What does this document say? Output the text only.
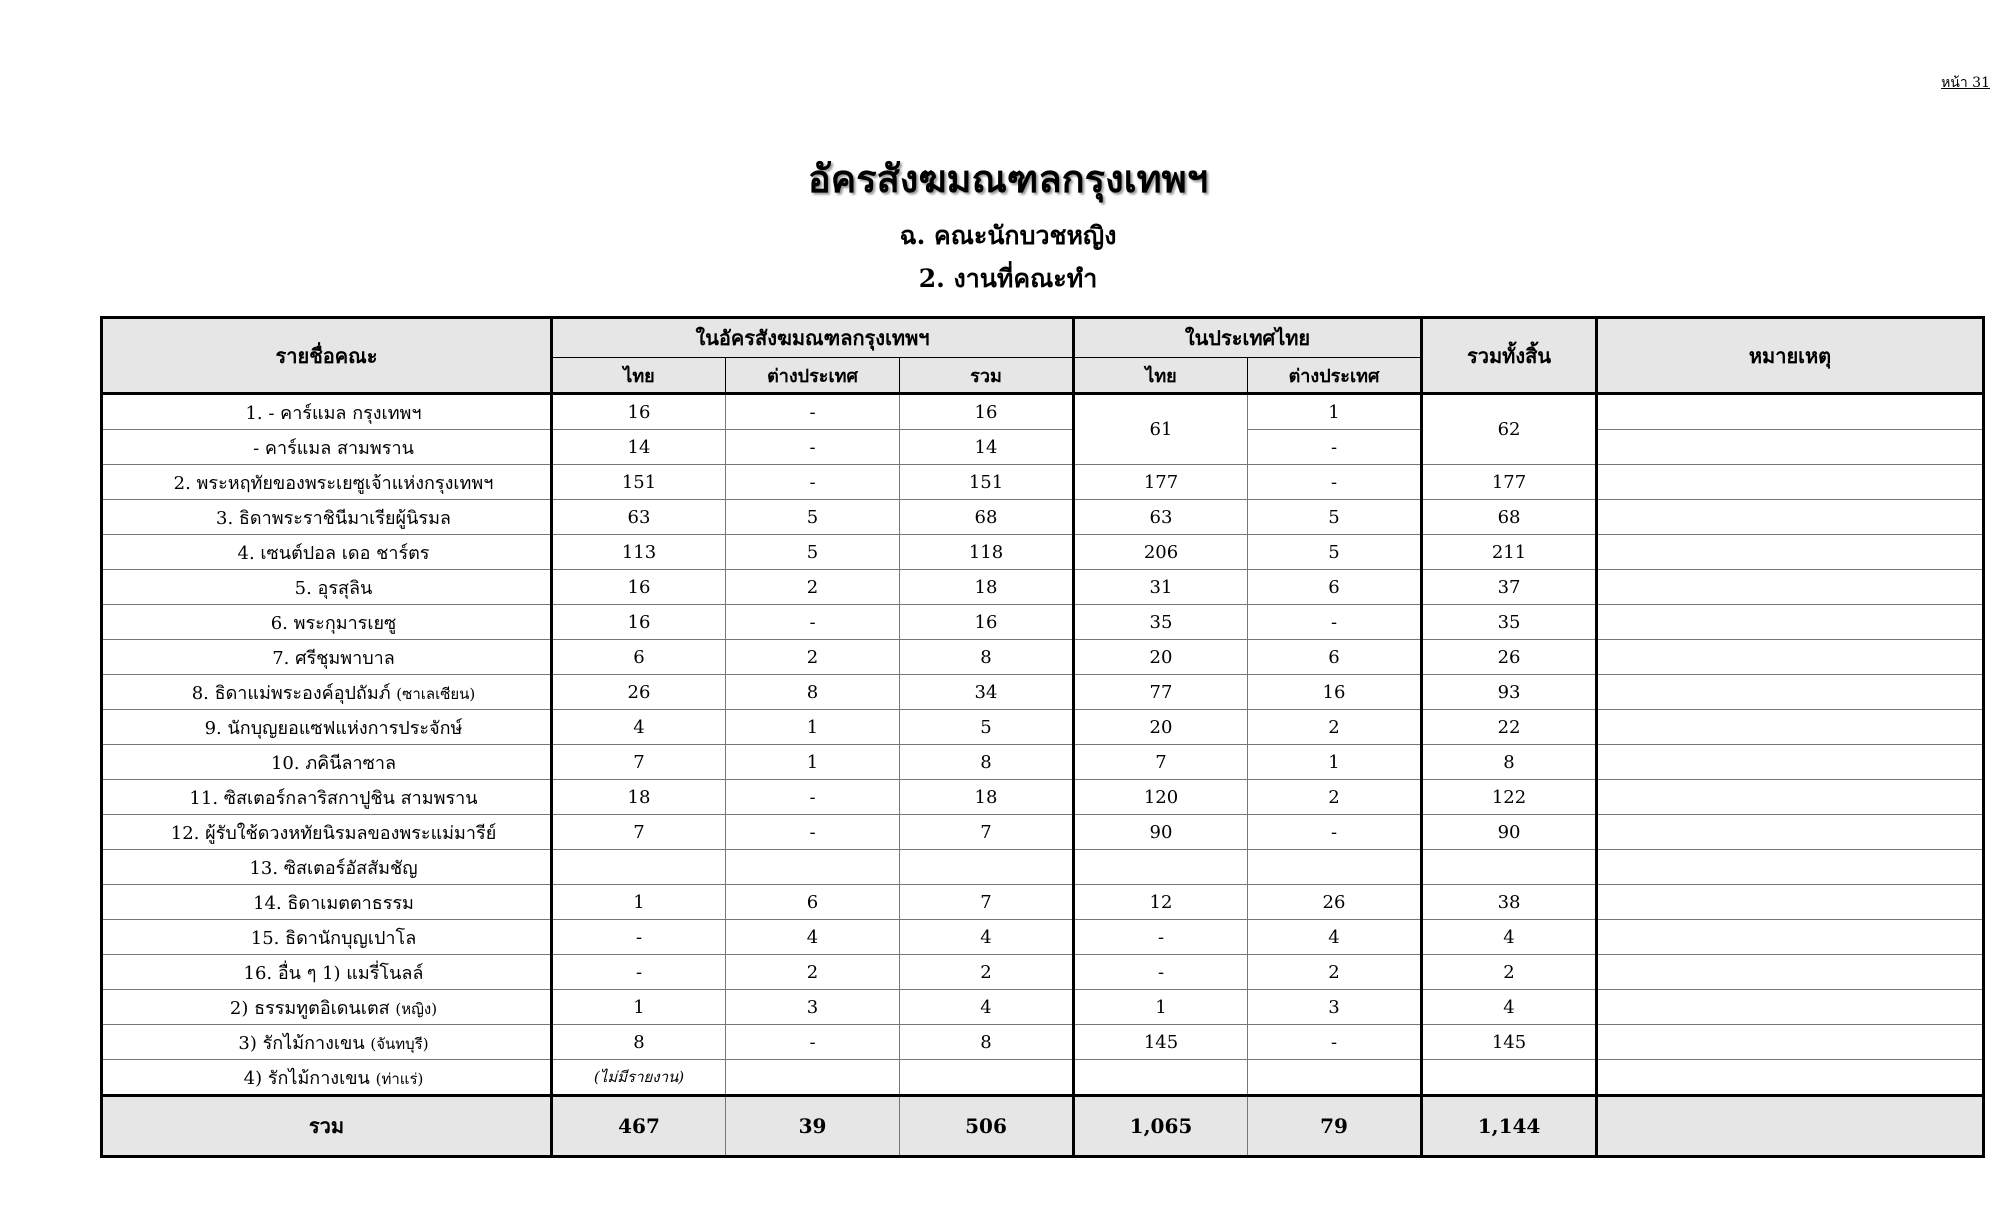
หน้า 31
อัครสังฆมณฑลกรุงเทพฯ
ฉ. คณะนักบวชหญิง
2. งานที่คณะทำ
รายชื่อคณะ	ในอัครสังฆมณฑลกรุงเทพฯ			ในประเทศไทย		รวมทั้งสิ้น	หมายเหตุ
	ไทย	ต่างประเทศ	รวม	ไทย	ต่างประเทศ		
1. - คาร์แมล กรุงเทพฯ	16	-	16	61	1	62	
- คาร์แมล สามพราน	14	-	14		-		
2. พระหฤทัยของพระเยซูเจ้าแห่งกรุงเทพฯ	151	-	151	177	-	177	
3. ธิดาพระราชินีมาเรียผู้นิรมล	63	5	68	63	5	68	
4. เซนต์ปอล เดอ ชาร์ตร	113	5	118	206	5	211	
5. อุรสุลิน	16	2	18	31	6	37	
6. พระกุมารเยซู	16	-	16	35	-	35	
7. ศรีชุมพาบาล	6	2	8	20	6	26	
8. ธิดาแม่พระองค์อุปถัมภ์ (ซาเลเซียน)	26	8	34	77	16	93	
9. นักบุญยอแซฟแห่งการประจักษ์	4	1	5	20	2	22	
10. ภคินีลาซาล	7	1	8	7	1	8	
11. ซิสเตอร์กลาริสกาปูชิน สามพราน	18	-	18	120	2	122	
12. ผู้รับใช้ดวงหทัยนิรมลของพระแม่มารีย์	7	-	7	90	-	90	
13. ซิสเตอร์อัสสัมชัญ							
14. ธิดาเมตตาธรรม	1	6	7	12	26	38	
15. ธิดานักบุญเปาโล	-	4	4	-	4	4	
16. อื่น ๆ 1) แมรี่โนลล์	-	2	2	-	2	2	
2) ธรรมทูตอิเดนเตส (หญิง)	1	3	4	1	3	4	
3) รักไม้กางเขน (จันทบุรี)	8	-	8	145	-	145	
4) รักไม้กางเขน (ท่าแร่)	(ไม่มีรายงาน)						
รวม	467	39	506	1,065	79	1,144	
